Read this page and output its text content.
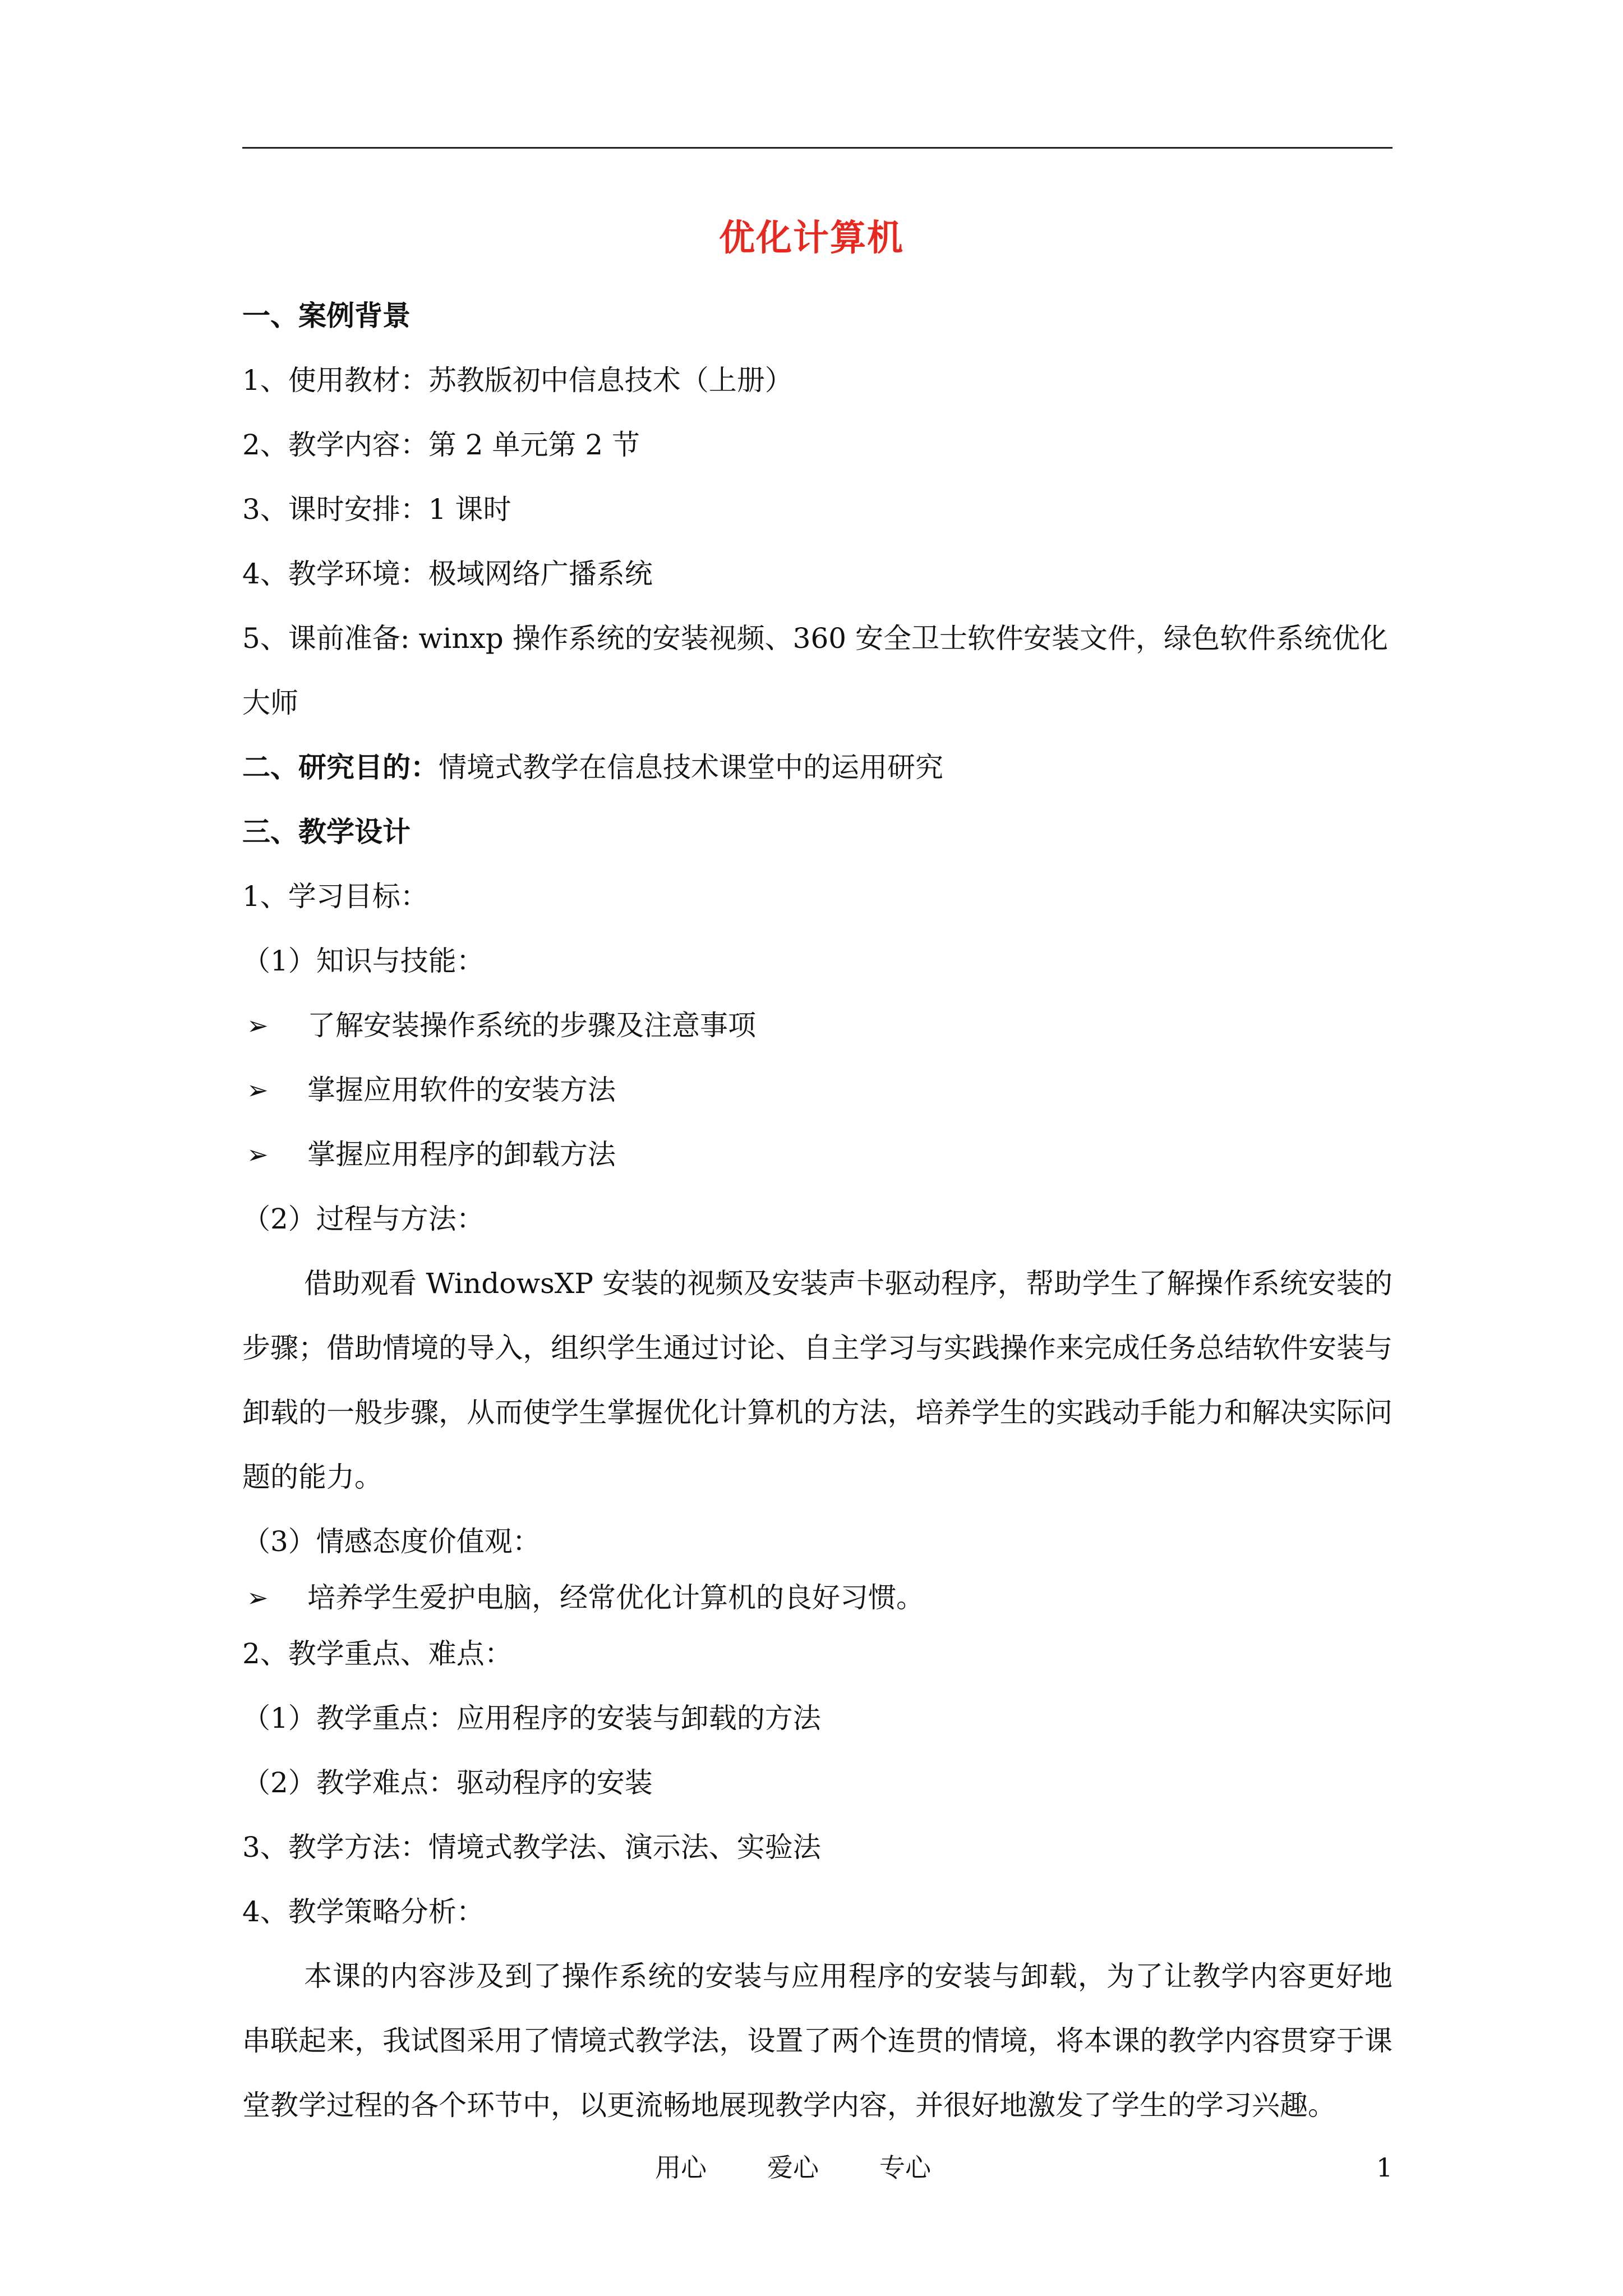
优化计算机
一、案例背景
1、使用教材：苏教版初中信息技术（上册）
2、教学内容：第 2 单元第 2 节
3、课时安排：1 课时
4、教学环境：极域网络广播系统
5、课前准备: winxp 操作系统的安装视频、360 安全卫士软件安装文件，绿色软件系统优化
大师
二、研究目的：情境式教学在信息技术课堂中的运用研究
三、教学设计
1、学习目标：
（1）知识与技能：
➢ 了解安装操作系统的步骤及注意事项
➢ 掌握应用软件的安装方法
➢ 掌握应用程序的卸载方法
（2）过程与方法：
借助观看 WindowsXP 安装的视频及安装声卡驱动程序，帮助学生了解操作系统安装的步骤；借助情境的导入，组织学生通过讨论、自主学习与实践操作来完成任务总结软件安装与卸载的一般步骤，从而使学生掌握优化计算机的方法，培养学生的实践动手能力和解决实际问题的能力。
（3）情感态度价值观：
➢ 培养学生爱护电脑，经常优化计算机的良好习惯。
2、教学重点、难点：
（1）教学重点：应用程序的安装与卸载的方法
（2）教学难点：驱动程序的安装
3、教学方法：情境式教学法、演示法、实验法
4、教学策略分析：
本课的内容涉及到了操作系统的安装与应用程序的安装与卸载，为了让教学内容更好地串联起来，我试图采用了情境式教学法，设置了两个连贯的情境，将本课的教学内容贯穿于课堂教学过程的各个环节中，以更流畅地展现教学内容，并很好地激发了学生的学习兴趣。
用心 爱心 专心	1
